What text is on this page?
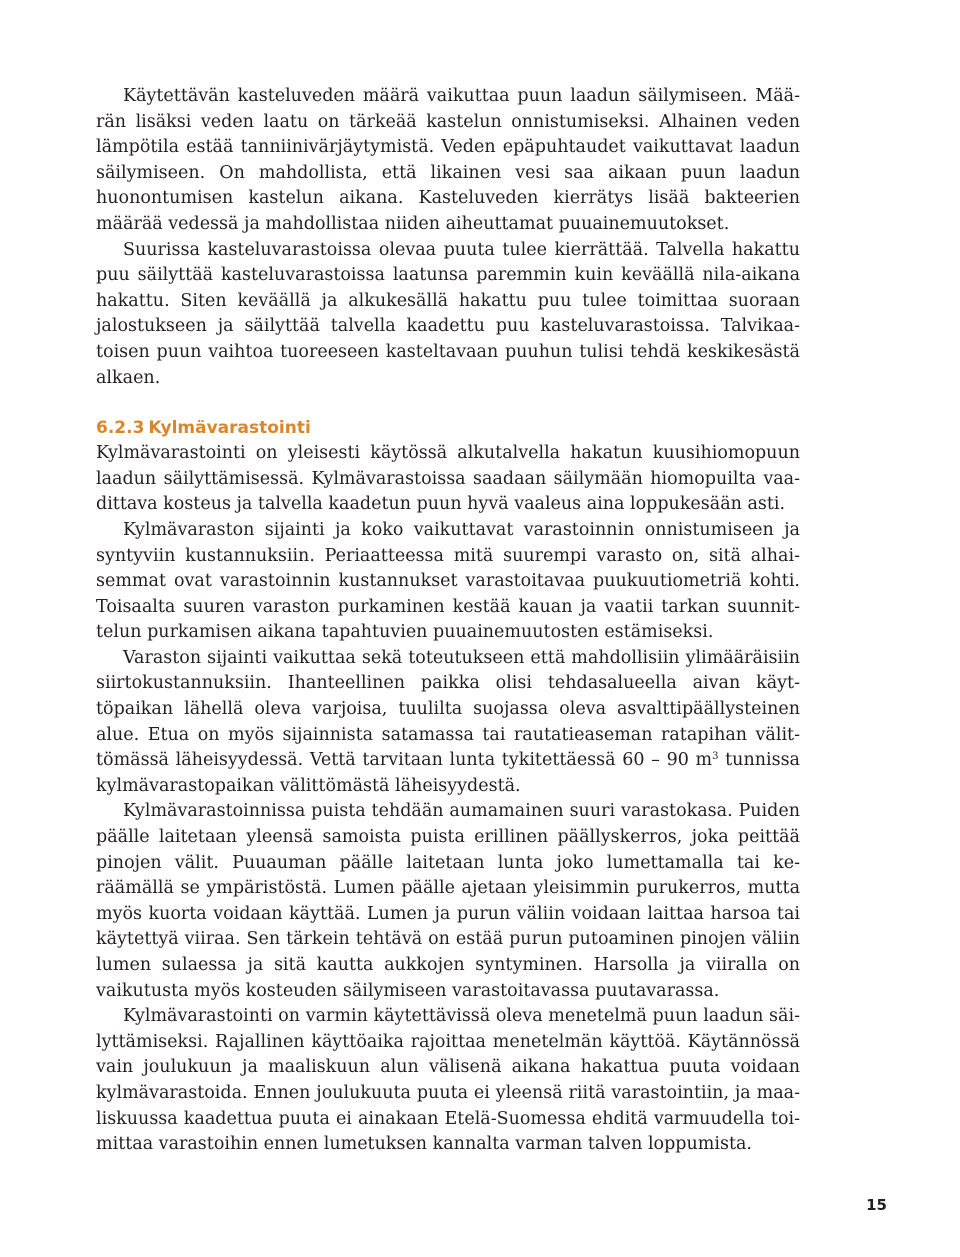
Käytettävän kasteluveden määrä vaikuttaa puun laadun säilymiseen. Määrän lisäksi veden laatu on tärkeää kastelun onnistumiseksi. Alhainen veden lämpötila estää tanniinivärjäytymistä. Veden epäpuhtaudet vaikuttavat laadun säilymiseen. On mahdollista, että likainen vesi saa aikaan puun laadun huonontumisen kastelun aikana. Kasteluveden kierrätys lisää bakteerien määrää vedessä ja mahdollistaa niiden aiheuttamat puuainemuutokset.

Suurissa kasteluvarastoissa olevaa puuta tulee kierrättää. Talvella hakattu puu säilyttää kasteluvarastoissa laatunsa paremmin kuin keväällä nila-aikana hakattu. Siten keväällä ja alkukesällä hakattu puu tulee toimittaa suoraan jalostukseen ja säilyttää talvella kaadettu puu kasteluvarastoissa. Talvikaatoisen puun vaihtoa tuoreeseen kasteltavaan puuhun tulisi tehdä keskikesästä alkaen.

6.2.3 Kylmävarastointi

Kylmävarastointi on yleisesti käytössä alkutalvella hakatun kuusihiomopuun laadun säilyttämisessä. Kylmävarastoissa saadaan säilymään hiomopuilta vaadittava kosteus ja talvella kaadetun puun hyvä vaaleus aina loppukesään asti.

Kylmävaraston sijainti ja koko vaikuttavat varastoinnin onnistumiseen ja syntyviin kustannuksiin. Periaatteessa mitä suurempi varasto on, sitä alhaisemmat ovat varastoinnin kustannukset varastoitavaa puukuutiometriä kohti. Toisaalta suuren varaston purkaminen kestää kauan ja vaatii tarkan suunnittelun purkamisen aikana tapahtuvien puuainemuutosten estämiseksi.

Varaston sijainti vaikuttaa sekä toteutukseen että mahdollisiin ylimääräisiin siirtokustannuksiin. Ihanteellinen paikka olisi tehdasalueella aivan käyttöpaikan lähellä oleva varjoisa, tuulilta suojassa oleva asvalttipäällysteinen alue. Etua on myös sijainnista satamassa tai rautatieaseman ratapihan välittömässä läheisyydessä. Vettä tarvitaan lunta tykitettäessä 60 – 90 $m^3$ tunnissa kylmävarastopaikan välittömästä läheisyydestä.

Kylmävarastoinnissa puista tehdään aumamainen suuri varastokasa. Puiden päälle laitetaan yleensä samoista puista erillinen päällyskerros, joka peittää pinojen välit. Puuauman päälle laitetaan lunta joko lumettamalla tai keräämällä se ympäristöstä. Lumen päälle ajetaan yleisimmin purukerros, mutta myös kuorta voidaan käyttää. Lumen ja purun väliin voidaan laittaa harsoa tai käytettyä viiraa. Sen tärkein tehtävä on estää purun putoaminen pinojen väliin lumen sulaessa ja sitä kautta aukkojen syntyminen. Harsolla ja viiralla on vaikutusta myös kosteuden säilymiseen varastoitavassa puutavarassa.

Kylmävarastointi on varmin käytettävissä oleva menetelmä puun laadun säilyttämiseksi. Rajallinen käyttöaika rajoittaa menetelmän käyttöä. Käytännössä vain joulukuun ja maaliskuun alun välisenä aikana hakattua puuta voidaan kylmävarastoida. Ennen joulukuuta puuta ei yleensä riitä varastointiin, ja maaliskuussa kaadettua puuta ei ainakaan Etelä-Suomessa ehditä varmuudella toimittaa varastoihin ennen lumetuksen kannalta varman talven loppumista.

15
